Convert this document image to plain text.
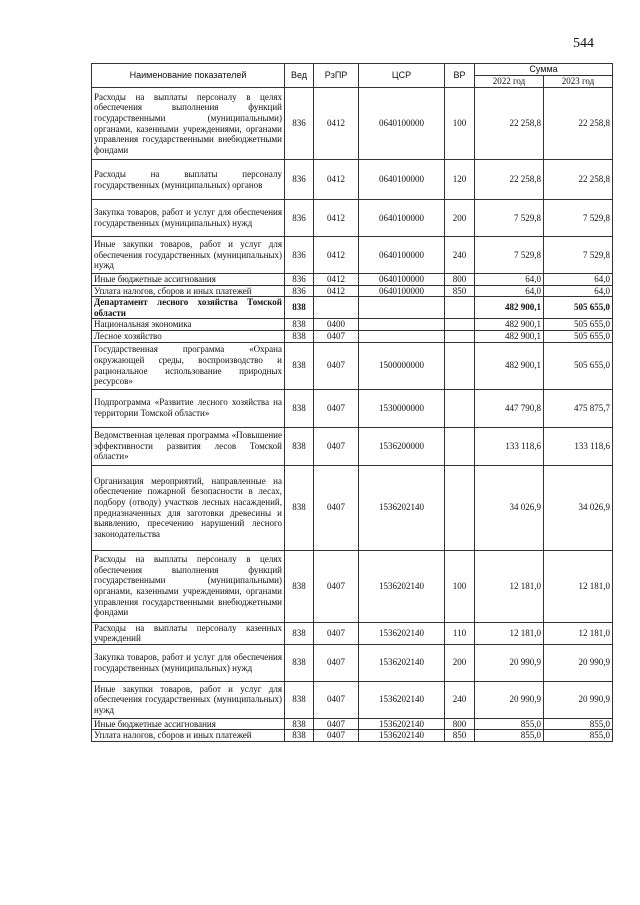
544
Наименование показателей	Вед	РзПР	ЦСР	ВР	Сумма	
					2022 год	2023 год
Расходы на выплаты персоналу в целях обеспечения выполнения функций государственными (муниципальными) органами, казенными учреждениями, органами управления государственными внебюджетными фондами	836	0412	0640100000	100	22 258,8	22 258,8
Расходы на выплаты персоналу государственных (муниципальных) органов	836	0412	0640100000	120	22 258,8	22 258,8
Закупка товаров, работ и услуг для обеспечения государственных (муниципальных) нужд	836	0412	0640100000	200	7 529,8	7 529,8
Иные закупки товаров, работ и услуг для обеспечения государственных (муниципальных) нужд	836	0412	0640100000	240	7 529,8	7 529,8
Иные бюджетные ассигнования	836	0412	0640100000	800	64,0	64,0
Уплата налогов, сборов и иных платежей	836	0412	0640100000	850	64,0	64,0
Департамент лесного хозяйства Томской области	838				482 900,1	505 655,0
Национальная экономика	838	0400			482 900,1	505 655,0
Лесное хозяйство	838	0407			482 900,1	505 655,0
Государственная программа «Охрана окружающей среды, воспроизводство и рациональное использование природных ресурсов»	838	0407	1500000000		482 900,1	505 655,0
Подпрограмма «Развитие лесного хозяйства на территории Томской области»	838	0407	1530000000		447 790,8	475 875,7
Ведомственная целевая программа «Повышение эффективности развития лесов Томской области»	838	0407	1536200000		133 118,6	133 118,6
Организация мероприятий, направленные на обеспечение пожарной безопасности в лесах, подбору (отводу) участков лесных насаждений, предназначенных для заготовки древесины и выявлению, пресечению нарушений лесного законодательства	838	0407	1536202140		34 026,9	34 026,9
Расходы на выплаты персоналу в целях обеспечения выполнения функций государственными (муниципальными) органами, казенными учреждениями, органами управления государственными внебюджетными фондами	838	0407	1536202140	100	12 181,0	12 181,0
Расходы на выплаты персоналу казенных учреждений	838	0407	1536202140	110	12 181,0	12 181,0
Закупка товаров, работ и услуг для обеспечения государственных (муниципальных) нужд	838	0407	1536202140	200	20 990,9	20 990,9
Иные закупки товаров, работ и услуг для обеспечения государственных (муниципальных) нужд	838	0407	1536202140	240	20 990,9	20 990,9
Иные бюджетные ассигнования	838	0407	1536202140	800	855,0	855,0
Уплата налогов, сборов и иных платежей	838	0407	1536202140	850	855,0	855,0
